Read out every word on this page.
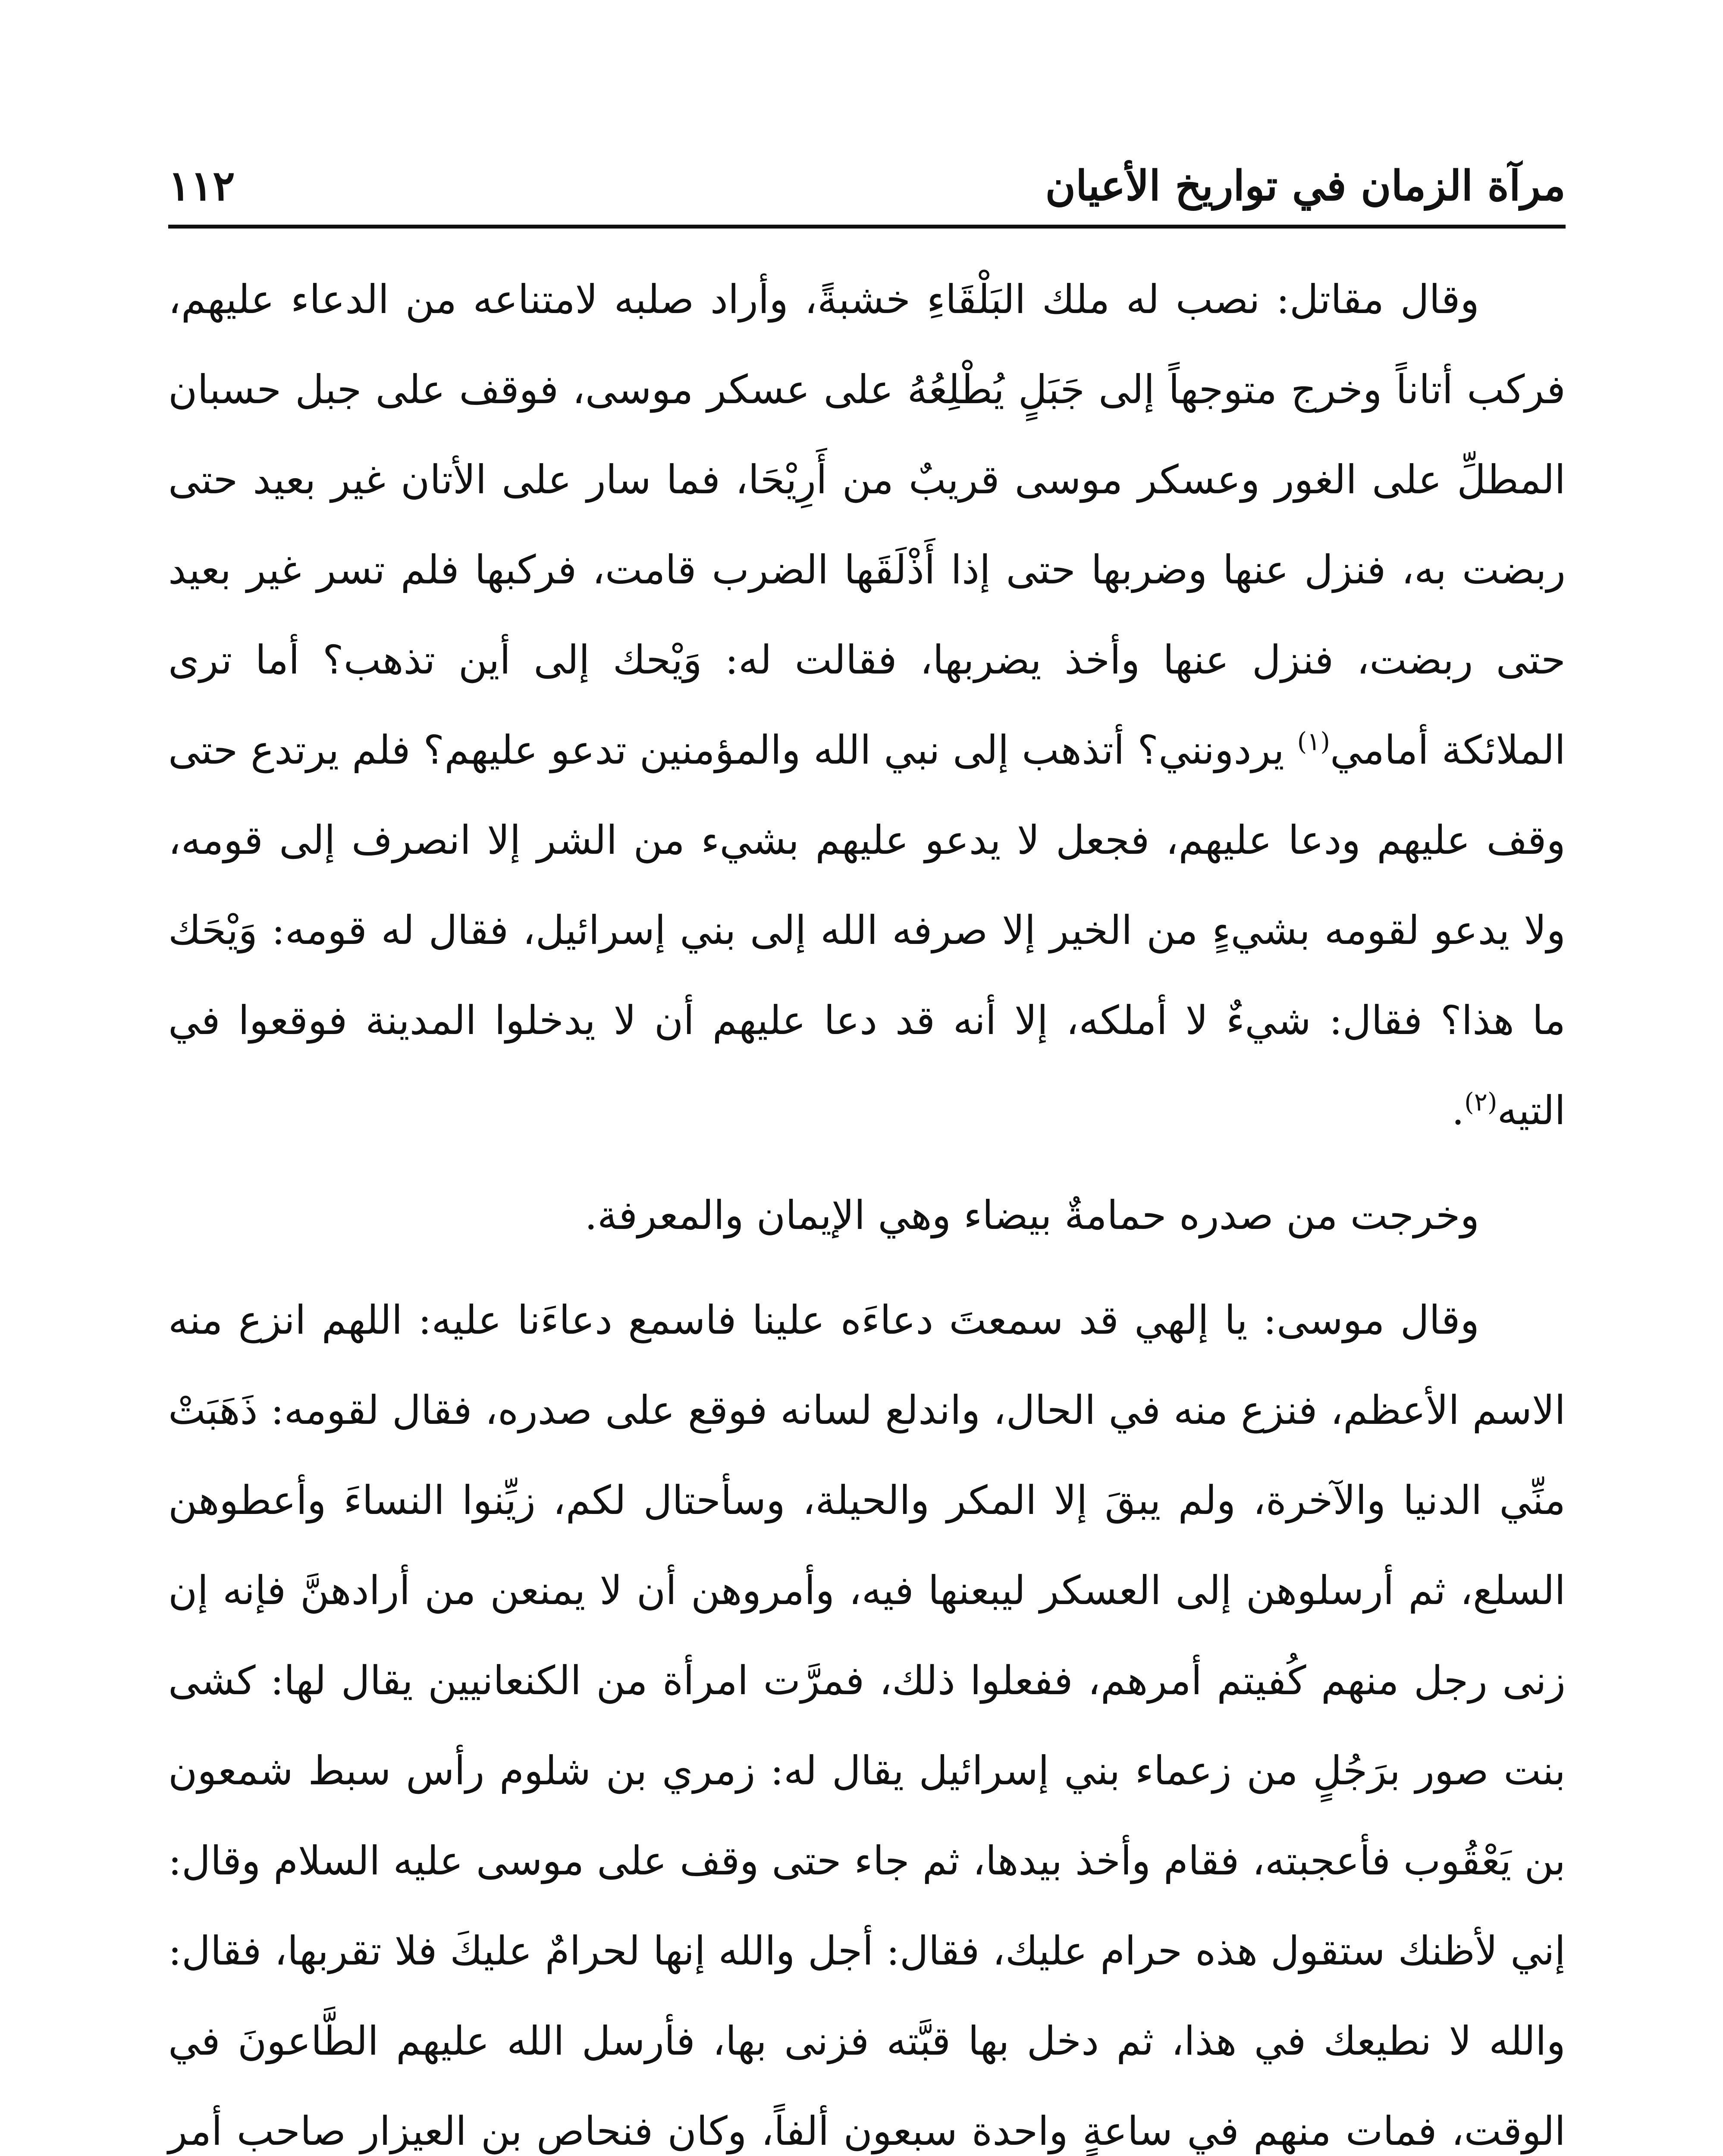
مرآة الزمان في تواريخ الأعيان
١١٢

وقال مقاتل: نصب له ملك البَلْقَاءِ خشبةً، وأراد صلبه لامتناعه من الدعاء عليهم، فركب أتاناً وخرج متوجهاً إلى جَبَلٍ يُطْلِعُهُ على عسكر موسى، فوقف على جبل حسبان المطلِّ على الغور وعسكر موسى قريبٌ من أَرِيْحَا، فما سار على الأتان غير بعيد حتى ربضت به، فنزل عنها وضربها حتى إذا أَذْلَقَها الضرب قامت، فركبها فلم تسر غير بعيد حتى ربضت، فنزل عنها وأخذ يضربها، فقالت له: وَيْحك إلى أين تذهب؟ أما ترى الملائكة أمامي$^{(١)}$ يردونني؟ أتذهب إلى نبي الله والمؤمنين تدعو عليهم؟ فلم يرتدع حتى وقف عليهم ودعا عليهم، فجعل لا يدعو عليهم بشيء من الشر إلا انصرف إلى قومه، ولا يدعو لقومه بشيءٍ من الخير إلا صرفه الله إلى بني إسرائيل، فقال له قومه: وَيْحَك ما هذا؟ فقال: شيءٌ لا أملكه، إلا أنه قد دعا عليهم أن لا يدخلوا المدينة فوقعوا في التيه$^{(٢)}$.

وخرجت من صدره حمامةٌ بيضاء وهي الإيمان والمعرفة.

وقال موسى: يا إلهي قد سمعتَ دعاءَه علينا فاسمع دعاءَنا عليه: اللهم انزع منه الاسم الأعظم، فنزع منه في الحال، واندلع لسانه فوقع على صدره، فقال لقومه: ذَهَبَتْ منِّي الدنيا والآخرة، ولم يبقَ إلا المكر والحيلة، وسأحتال لكم، زيِّنوا النساءَ وأعطوهن السلع، ثم أرسلوهن إلى العسكر ليبعنها فيه، وأمروهن أن لا يمنعن من أرادهنَّ فإنه إن زنى رجل منهم كُفيتم أمرهم، ففعلوا ذلك، فمرَّت امرأة من الكنعانيين يقال لها: كشى بنت صور برَجُلٍ من زعماء بني إسرائيل يقال له: زمري بن شلوم رأس سبط شمعون بن يَعْقُوب فأعجبته، فقام وأخذ بيدها، ثم جاء حتى وقف على موسى عليه السلام وقال: إني لأظنك ستقول هذه حرام عليك، فقال: أجل والله إنها لحرامٌ عليكَ فلا تقربها، فقال: والله لا نطيعك في هذا، ثم دخل بها قبَّته فزنى بها، فأرسل الله عليهم الطَّاعونَ في الوقت، فمات منهم في ساعةٍ واحدة سبعون ألفاً، وكان فنحاص بن العيزار صاحب أمر
